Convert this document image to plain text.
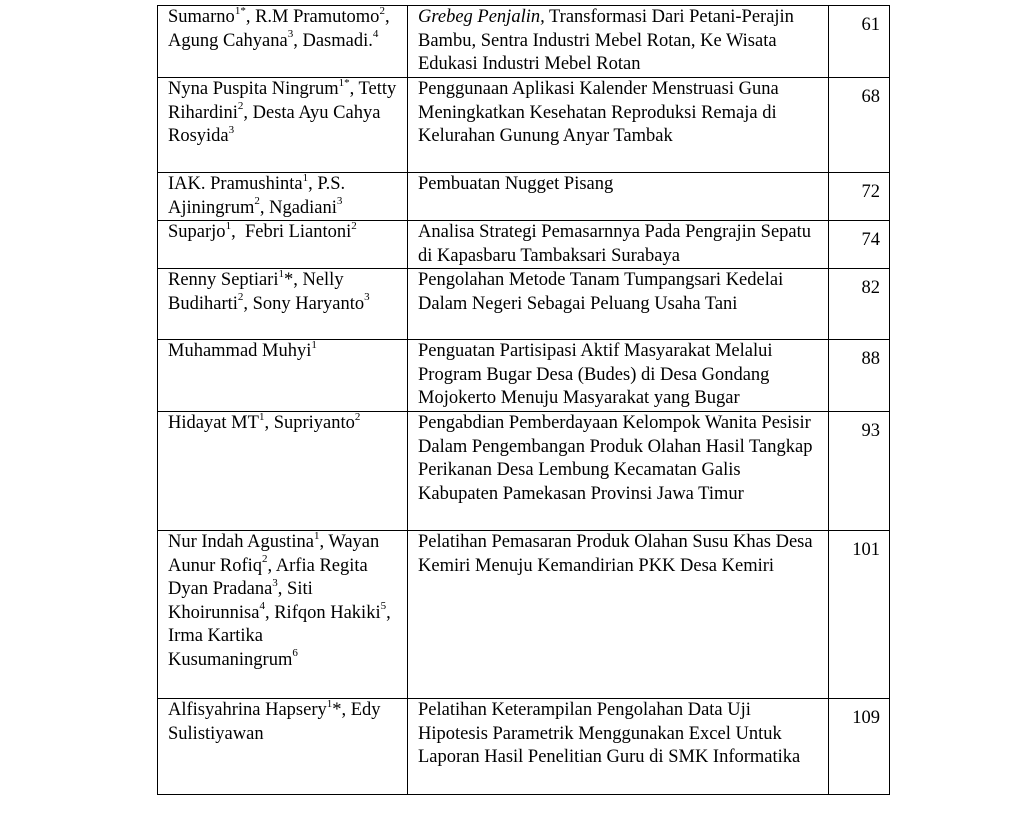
Sumarno$^{1*}$, R.M Pramutomo$^2$, Agung Cahyana$^3$, Dasmadi.$^4$	Grebeg Penjalin, Transformasi Dari Petani-Perajin Bambu, Sentra Industri Mebel Rotan, Ke Wisata Edukasi Industri Mebel Rotan	61
Nyna Puspita Ningrum$^{1*}$, Tetty Rihardini$^2$, Desta Ayu Cahya Rosyida$^3$	Penggunaan Aplikasi Kalender Menstruasi Guna Meningkatkan Kesehatan Reproduksi Remaja di Kelurahan Gunung Anyar Tambak	68
IAK. Pramushinta$^1$, P.S. Ajiningrum$^2$, Ngadiani$^3$	Pembuatan Nugget Pisang	72
Suparjo$^1$,  Febri Liantoni$^2$	Analisa Strategi Pemasarnnya Pada Pengrajin Sepatu di Kapasbaru Tambaksari Surabaya	74
Renny Septiari$^1$*, Nelly Budiharti$^2$, Sony Haryanto$^3$	Pengolahan Metode Tanam Tumpangsari Kedelai Dalam Negeri Sebagai Peluang Usaha Tani	82
Muhammad Muhyi$^1$	Penguatan Partisipasi Aktif Masyarakat Melalui Program Bugar Desa (Budes) di Desa Gondang Mojokerto Menuju Masyarakat yang Bugar	88
Hidayat $MT^1$, Supriyanto$^2$	Pengabdian Pemberdayaan Kelompok Wanita Pesisir Dalam Pengembangan Produk Olahan Hasil Tangkap Perikanan Desa Lembung Kecamatan Galis Kabupaten Pamekasan Provinsi Jawa Timur	93
Nur Indah Agustina$^1$, Wayan Aunur Rofiq$^2$, Arfia Regita Dyan Pradana$^3$, Siti Khoirunnisa$^4$, Rifqon Hakiki$^5$, Irma Kartika Kusumaningrum$^6$	Pelatihan Pemasaran Produk Olahan Susu Khas Desa Kemiri Menuju Kemandirian PKK Desa Kemiri	101
Alfisyahrina Hapsery$^1$*, Edy Sulistiyawan	Pelatihan Keterampilan Pengolahan Data Uji Hipotesis Parametrik Menggunakan Excel Untuk Laporan Hasil Penelitian Guru di SMK Informatika	109
